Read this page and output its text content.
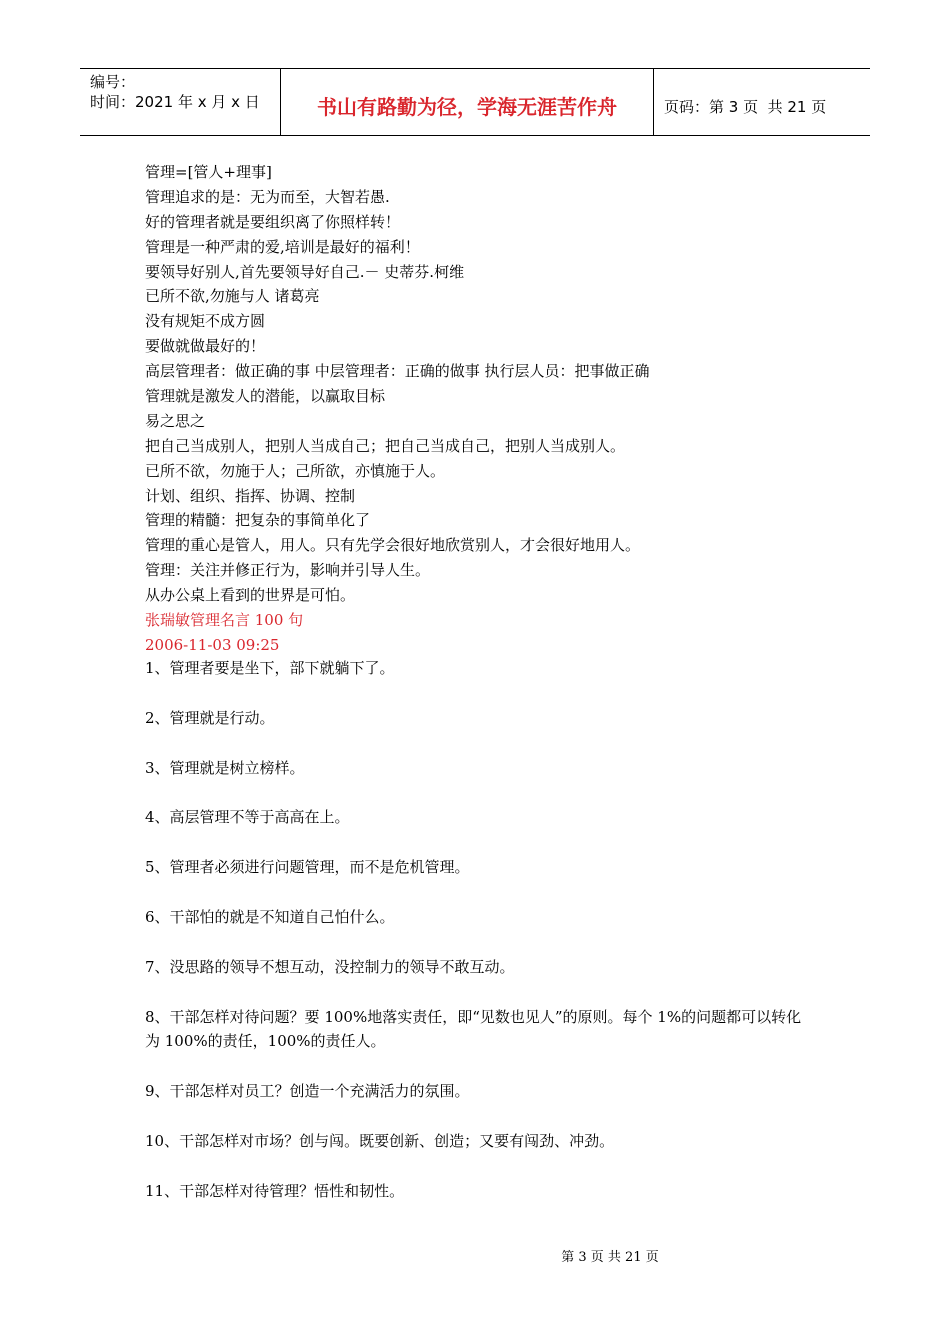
编号：
时间：2021 年 x 月 x 日	书山有路勤为径，学海无涯苦作舟	页码：第 3 页  共 21 页
管理=[管人+理事]
管理追求的是：无为而至，大智若愚.
好的管理者就是要组织离了你照样转！
管理是一种严肃的爱,培训是最好的福利！
要领导好别人,首先要领导好自己.－ 史蒂芬.柯维
已所不欲,勿施与人 诸葛亮
没有规矩不成方圆
要做就做最好的！
高层管理者：做正确的事 中层管理者：正确的做事 执行层人员：把事做正确
管理就是激发人的潜能，以赢取目标
易之思之
把自己当成别人，把别人当成自己；把自己当成自己，把别人当成别人。
已所不欲，勿施于人；己所欲，亦慎施于人。
计划、组织、指挥、协调、控制
管理的精髓：把复杂的事简单化了
管理的重心是管人，用人。只有先学会很好地欣赏别人，才会很好地用人。
管理：关注并修正行为，影响并引导人生。
从办公桌上看到的世界是可怕。
张瑞敏管理名言 100 句
2006-11-03 09:25
1、管理者要是坐下，部下就躺下了。
2、管理就是行动。
3、管理就是树立榜样。
4、高层管理不等于高高在上。
5、管理者必须进行问题管理，而不是危机管理。
6、干部怕的就是不知道自己怕什么。
7、没思路的领导不想互动，没控制力的领导不敢互动。
8、干部怎样对待问题？要 100%地落实责任，即“见数也见人”的原则。每个 1%的问题都可以转化为 100%的责任，100%的责任人。
9、干部怎样对员工？创造一个充满活力的氛围。
10、干部怎样对市场？创与闯。既要创新、创造；又要有闯劲、冲劲。
11、干部怎样对待管理？悟性和韧性。
第 3 页 共 21 页
